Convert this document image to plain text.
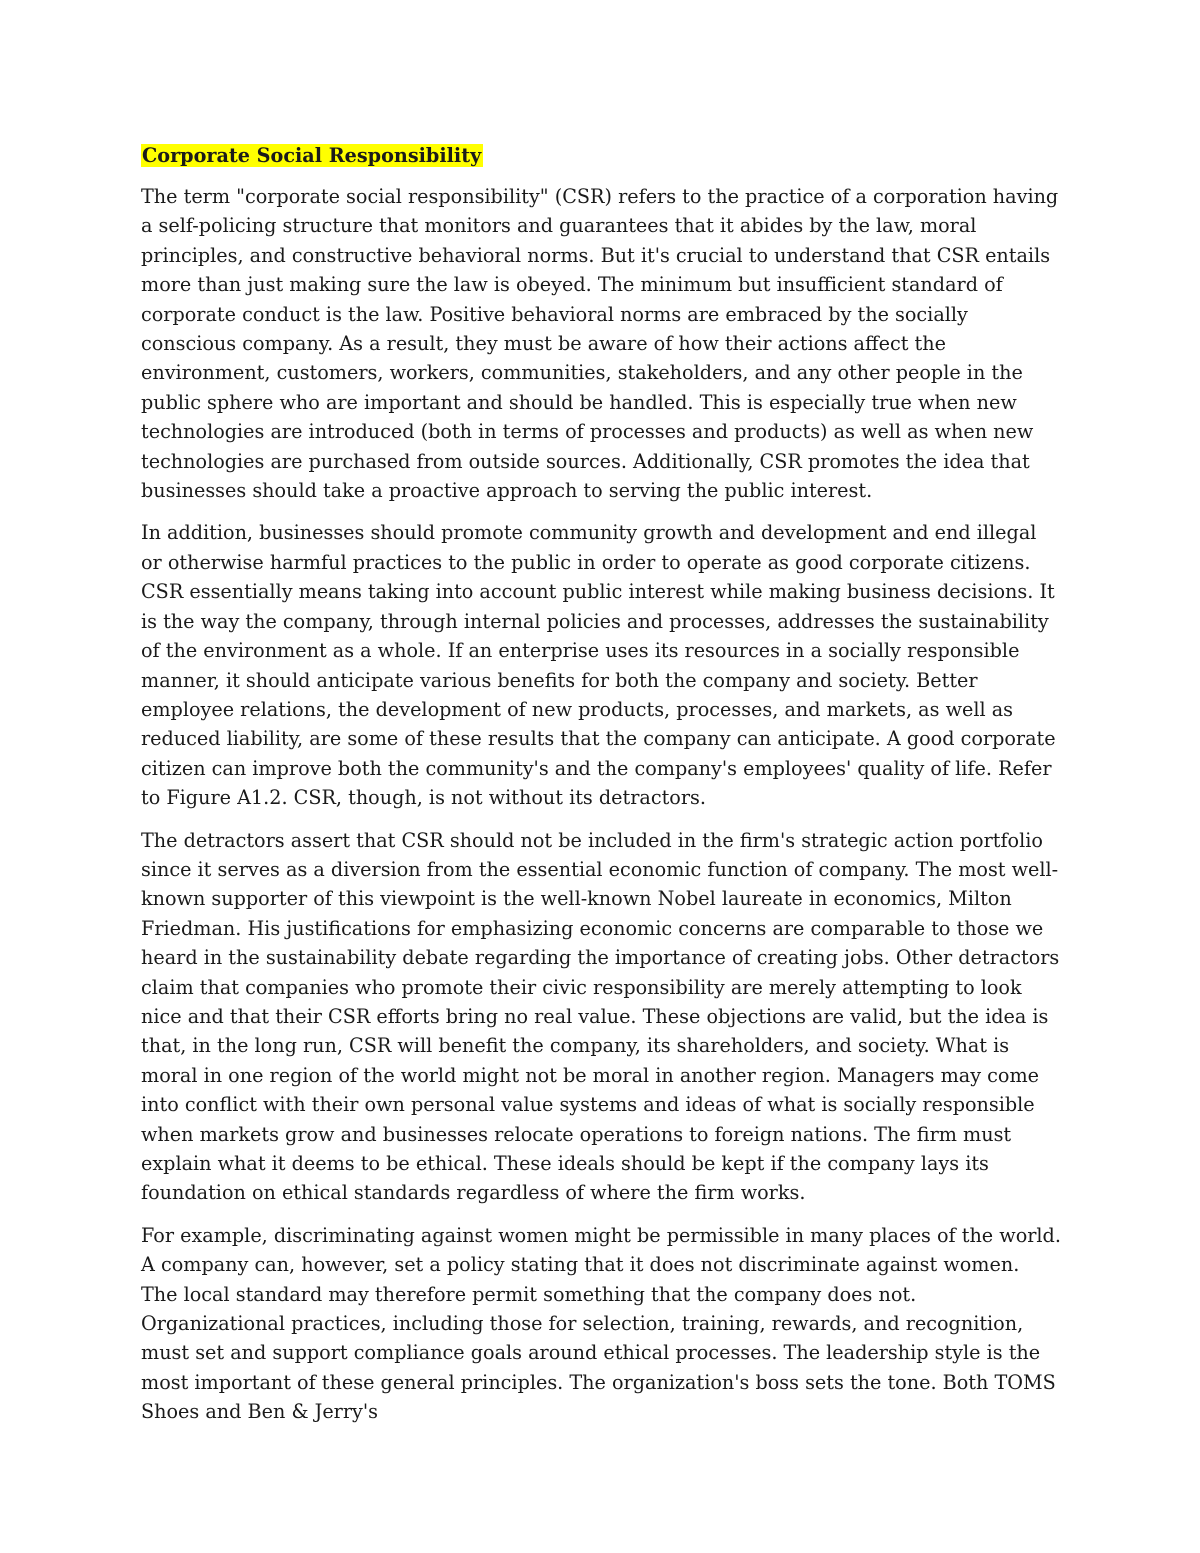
Corporate Social Responsibility

The term "corporate social responsibility" (CSR) refers to the practice of a corporation having a self-policing structure that monitors and guarantees that it abides by the law, moral principles, and constructive behavioral norms. But it's crucial to understand that CSR entails more than just making sure the law is obeyed. The minimum but insufficient standard of corporate conduct is the law. Positive behavioral norms are embraced by the socially conscious company. As a result, they must be aware of how their actions affect the environment, customers, workers, communities, stakeholders, and any other people in the public sphere who are important and should be handled. This is especially true when new technologies are introduced (both in terms of processes and products) as well as when new technologies are purchased from outside sources. Additionally, CSR promotes the idea that businesses should take a proactive approach to serving the public interest.

In addition, businesses should promote community growth and development and end illegal or otherwise harmful practices to the public in order to operate as good corporate citizens. CSR essentially means taking into account public interest while making business decisions. It is the way the company, through internal policies and processes, addresses the sustainability of the environment as a whole. If an enterprise uses its resources in a socially responsible manner, it should anticipate various benefits for both the company and society. Better employee relations, the development of new products, processes, and markets, as well as reduced liability, are some of these results that the company can anticipate. A good corporate citizen can improve both the community's and the company's employees' quality of life. Refer to Figure A1.2. CSR, though, is not without its detractors.

The detractors assert that CSR should not be included in the firm's strategic action portfolio since it serves as a diversion from the essential economic function of company. The most well-known supporter of this viewpoint is the well-known Nobel laureate in economics, Milton Friedman. His justifications for emphasizing economic concerns are comparable to those we heard in the sustainability debate regarding the importance of creating jobs. Other detractors claim that companies who promote their civic responsibility are merely attempting to look nice and that their CSR efforts bring no real value. These objections are valid, but the idea is that, in the long run, CSR will benefit the company, its shareholders, and society. What is moral in one region of the world might not be moral in another region. Managers may come into conflict with their own personal value systems and ideas of what is socially responsible when markets grow and businesses relocate operations to foreign nations. The firm must explain what it deems to be ethical. These ideals should be kept if the company lays its foundation on ethical standards regardless of where the firm works.

For example, discriminating against women might be permissible in many places of the world. A company can, however, set a policy stating that it does not discriminate against women. The local standard may therefore permit something that the company does not. Organizational practices, including those for selection, training, rewards, and recognition, must set and support compliance goals around ethical processes. The leadership style is the most important of these general principles. The organization's boss sets the tone. Both TOMS Shoes and Ben & Jerry's
